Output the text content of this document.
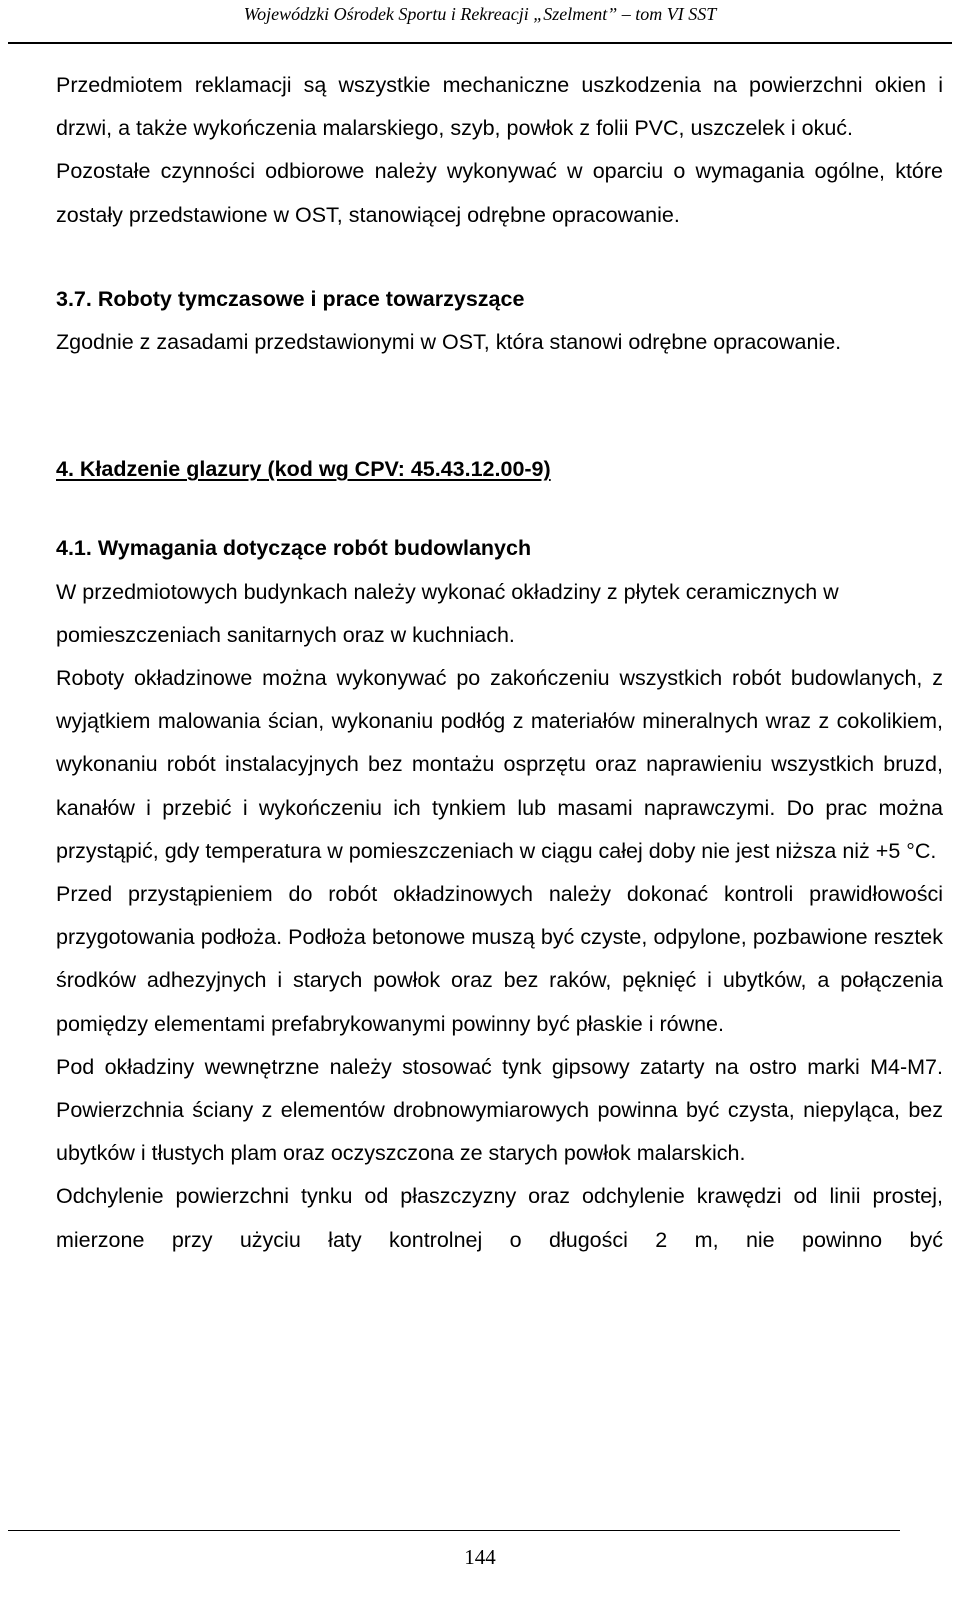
Wojewódzki Ośrodek Sportu i Rekreacji „Szelment” – tom VI SST

Przedmiotem reklamacji są wszystkie mechaniczne uszkodzenia na powierzchni okien i drzwi, a także wykończenia malarskiego, szyb, powłok z folii PVC, uszczelek i okuć.

Pozostałe czynności odbiorowe należy wykonywać w oparciu o wymagania ogólne, które zostały przedstawione w OST, stanowiącej odrębne opracowanie.

3.7. Roboty tymczasowe i prace towarzyszące

Zgodnie z zasadami przedstawionymi w OST, która stanowi odrębne opracowanie.

4. Kładzenie glazury (kod wg CPV: 45.43.12.00-9)

4.1. Wymagania dotyczące robót budowlanych

W przedmiotowych budynkach należy wykonać okładziny z płytek ceramicznych w pomieszczeniach sanitarnych oraz w kuchniach.

Roboty okładzinowe można wykonywać po zakończeniu wszystkich robót budowlanych, z wyjątkiem malowania ścian, wykonaniu podłóg z materiałów mineralnych wraz z cokolikiem, wykonaniu robót instalacyjnych bez montażu osprzętu oraz naprawieniu wszystkich bruzd, kanałów i przebić i wykończeniu ich tynkiem lub masami naprawczymi. Do prac można przystąpić, gdy temperatura w pomieszczeniach w ciągu całej doby nie jest niższa niż +5 °C.

Przed przystąpieniem do robót okładzinowych należy dokonać kontroli prawidłowości przygotowania podłoża. Podłoża betonowe muszą być czyste, odpylone, pozbawione resztek środków adhezyjnych i starych powłok oraz bez raków, pęknięć i ubytków, a połączenia pomiędzy elementami prefabrykowanymi powinny być płaskie i równe.

Pod okładziny wewnętrzne należy stosować tynk gipsowy zatarty na ostro marki M4-M7. Powierzchnia ściany z elementów drobnowymiarowych powinna być czysta, niepyląca, bez ubytków i tłustych plam oraz oczyszczona ze starych powłok malarskich.

Odchylenie powierzchni tynku od płaszczyzny oraz odchylenie krawędzi od linii prostej, mierzone przy użyciu łaty kontrolnej o długości 2 m, nie powinno być

144
